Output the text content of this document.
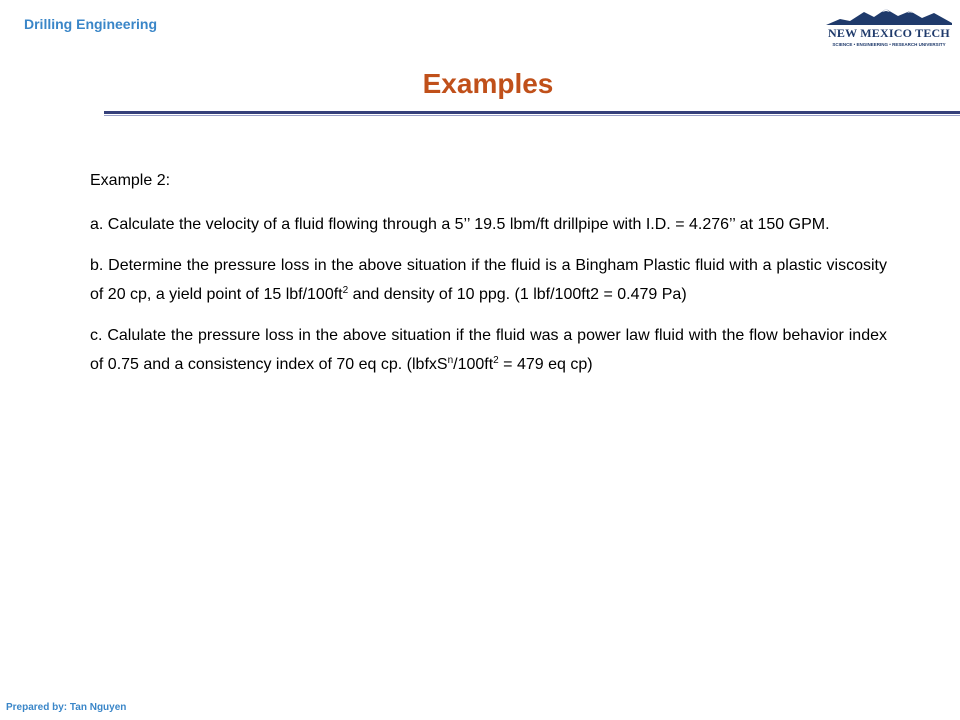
Drilling Engineering
NEW MEXICO TECH
SCIENCE • ENGINEERING • RESEARCH UNIVERSITY
Examples

Example 2:

a. Calculate the velocity of a fluid flowing through a 5’’ 19.5 lbm/ft drillpipe with I.D. = 4.276’’ at 150 GPM.

b. Determine the pressure loss in the above situation if the fluid is a Bingham Plastic fluid with a plastic viscosity of 20 cp, a yield point of 15 lbf/$100ft^2$ and density of 10 ppg. (1 lbf/100ft2 = 0.479 Pa)

c. Calulate the pressure loss in the above situation if the fluid was a power law fluid with the flow behavior index of 0.75 and a consistency index of 70 eq cp. ($lbfxS^n/100ft^2 = 479$ eq cp)

Prepared by: Tan Nguyen
